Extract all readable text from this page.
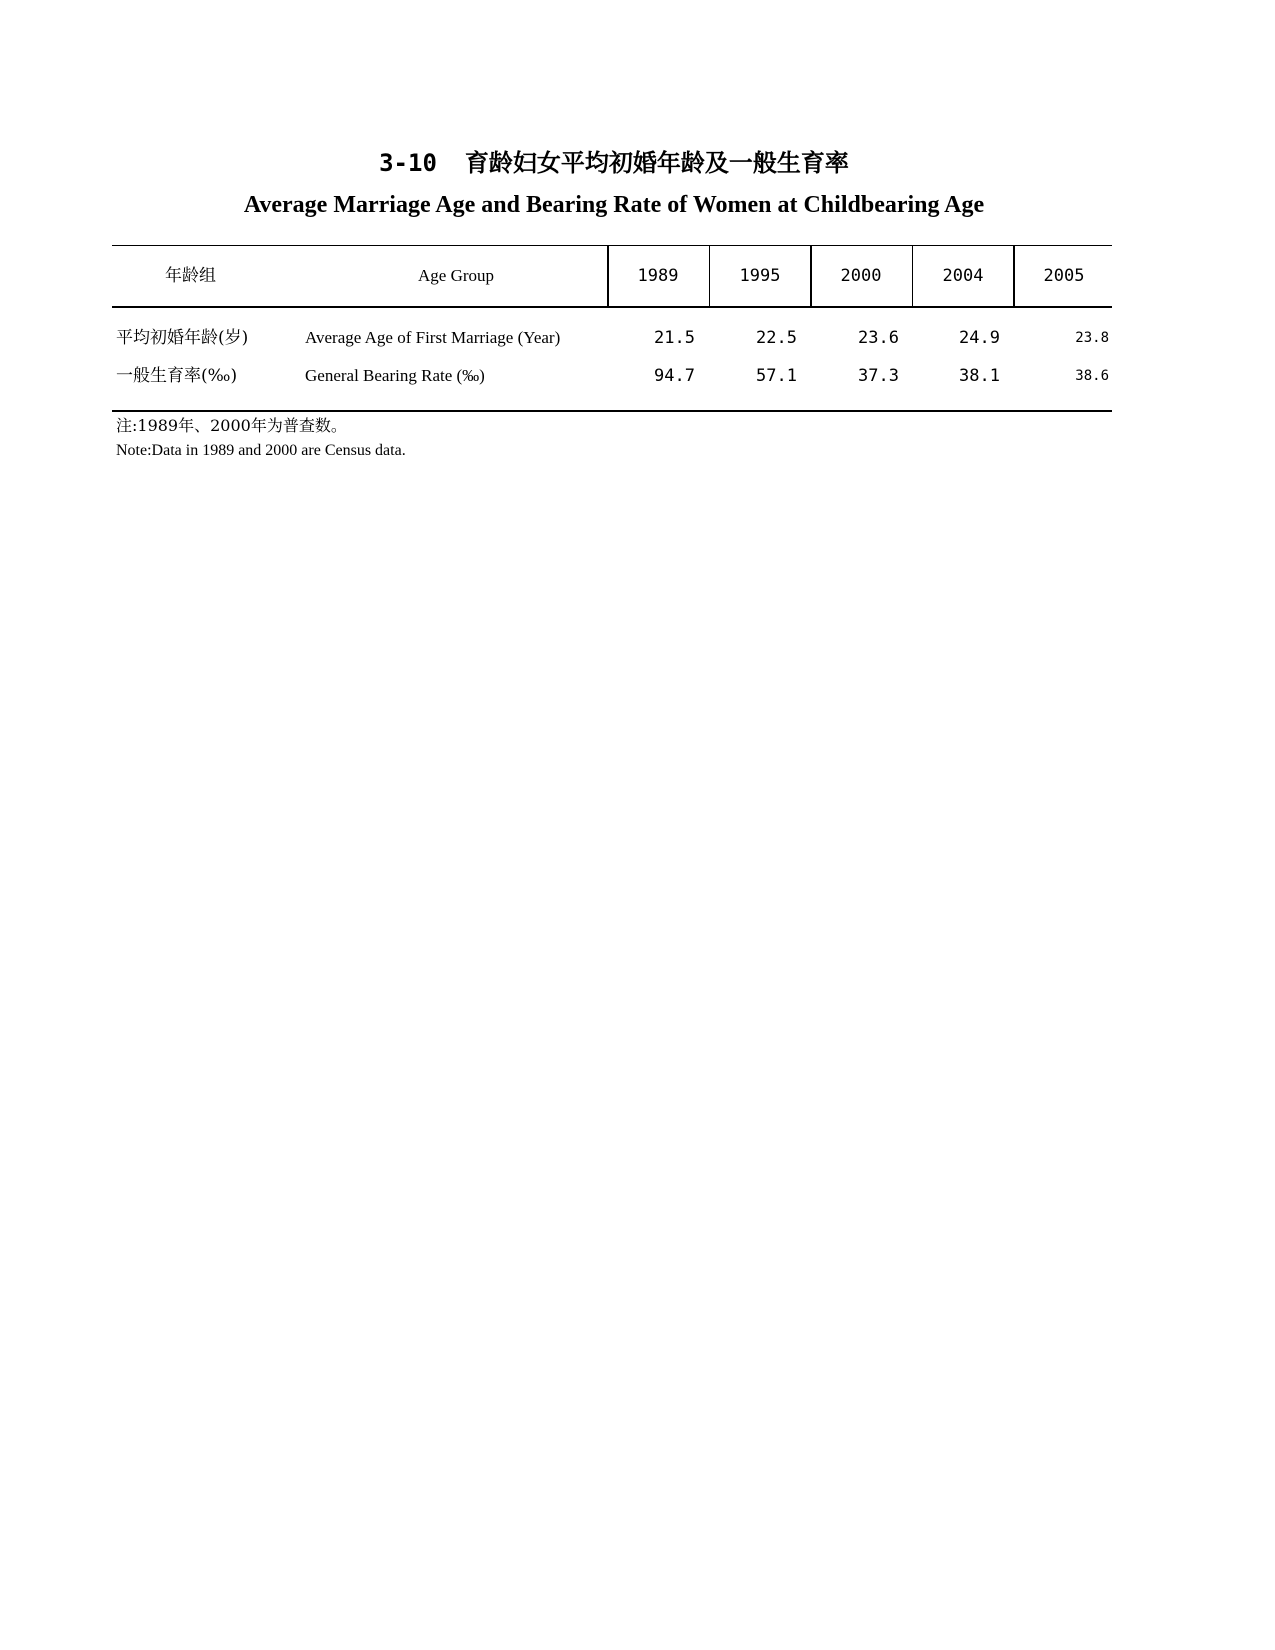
3-10 育龄妇女平均初婚年龄及一般生育率
Average Marriage Age and Bearing Rate of Women at Childbearing Age
年龄组	Age Group	1989	1995	2000	2004	2005
平均初婚年龄(岁)	Average Age of First Marriage (Year)	21.5	22.5	23.6	24.9	23.8
一般生育率(‰)	General Bearing Rate (‰)	94.7	57.1	37.3	38.1	38.6
注:1989年、2000年为普查数。
Note:Data in 1989 and 2000 are Census data.
